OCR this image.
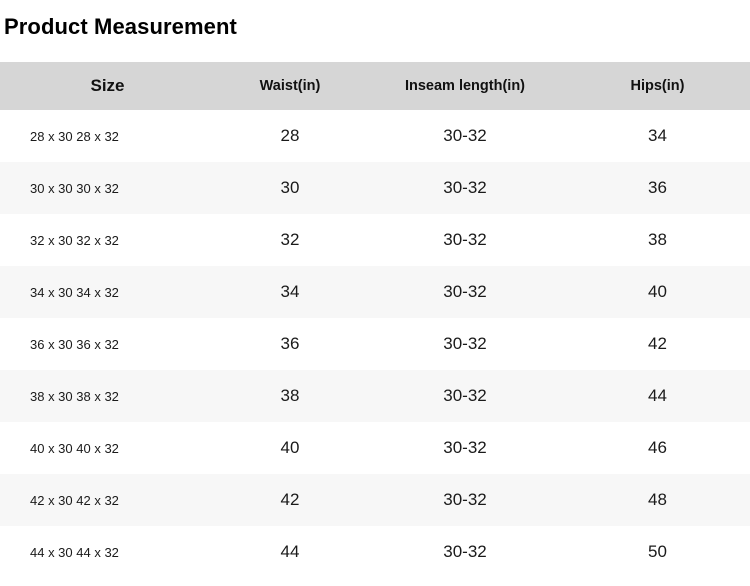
Product Measurement
Size	Waist(in)	Inseam length(in)	Hips(in)
28 x 30 28 x 32	28	30-32	34
30 x 30 30 x 32	30	30-32	36
32 x 30 32 x 32	32	30-32	38
34 x 30 34 x 32	34	30-32	40
36 x 30 36 x 32	36	30-32	42
38 x 30 38 x 32	38	30-32	44
40 x 30 40 x 32	40	30-32	46
42 x 30 42 x 32	42	30-32	48
44 x 30 44 x 32	44	30-32	50
